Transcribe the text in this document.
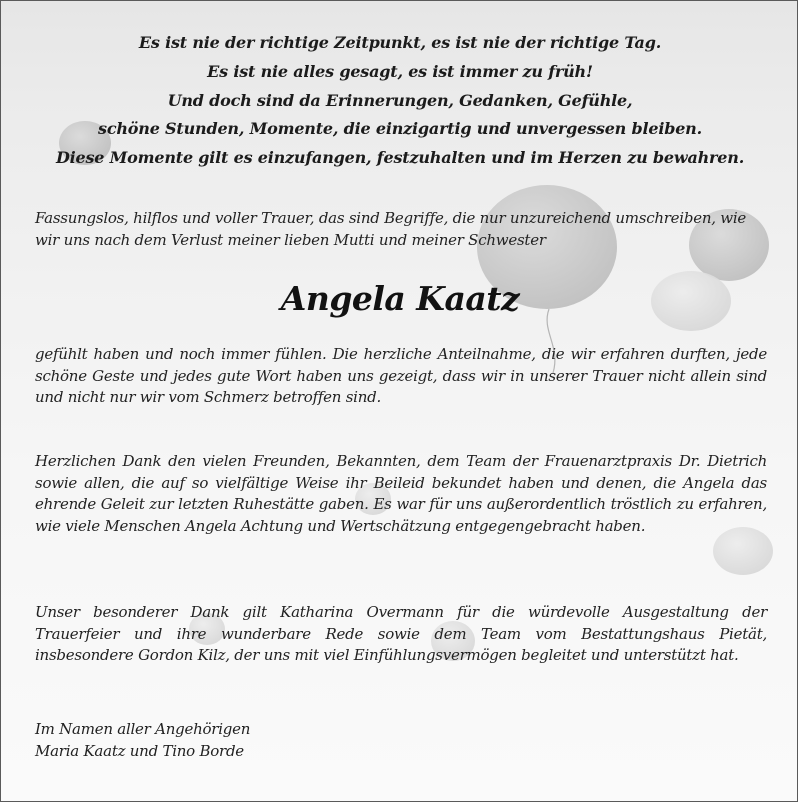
Es ist nie der richtige Zeitpunkt, es ist nie der richtige Tag.
Es ist nie alles gesagt, es ist immer zu früh!
Und doch sind da Erinnerungen, Gedanken, Gefühle,
schöne Stunden, Momente, die einzigartig und unvergessen bleiben.
Diese Momente gilt es einzufangen, festzuhalten und im Herzen zu bewahren.
Fassungslos, hilflos und voller Trauer, das sind Begriffe, die nur unzureichend umschreiben, wie wir uns nach dem Verlust meiner lieben Mutti und meiner Schwester
Angela Kaatz
gefühlt haben und noch immer fühlen. Die herzliche Anteilnahme, die wir erfahren durften, jede schöne Geste und jedes gute Wort haben uns gezeigt, dass wir in unserer Trauer nicht allein sind und nicht nur wir vom Schmerz betroffen sind.
Herzlichen Dank den vielen Freunden, Bekannten, dem Team der Frauenarztpraxis Dr. Dietrich sowie allen, die auf so vielfältige Weise ihr Beileid bekundet haben und denen, die Angela das ehrende Geleit zur letzten Ruhestätte gaben. Es war für uns außerordentlich tröstlich zu erfahren, wie viele Menschen Angela Achtung und Wertschätzung entgegengebracht haben.
Unser besonderer Dank gilt Katharina Overmann für die würdevolle Ausgestaltung der Trauerfeier und ihre wunderbare Rede sowie dem Team vom Bestattungshaus Pietät, insbesondere Gordon Kilz, der uns mit viel Einfühlungsvermögen begleitet und unterstützt hat.
Im Namen aller Angehörigen
Maria Kaatz und Tino Borde
